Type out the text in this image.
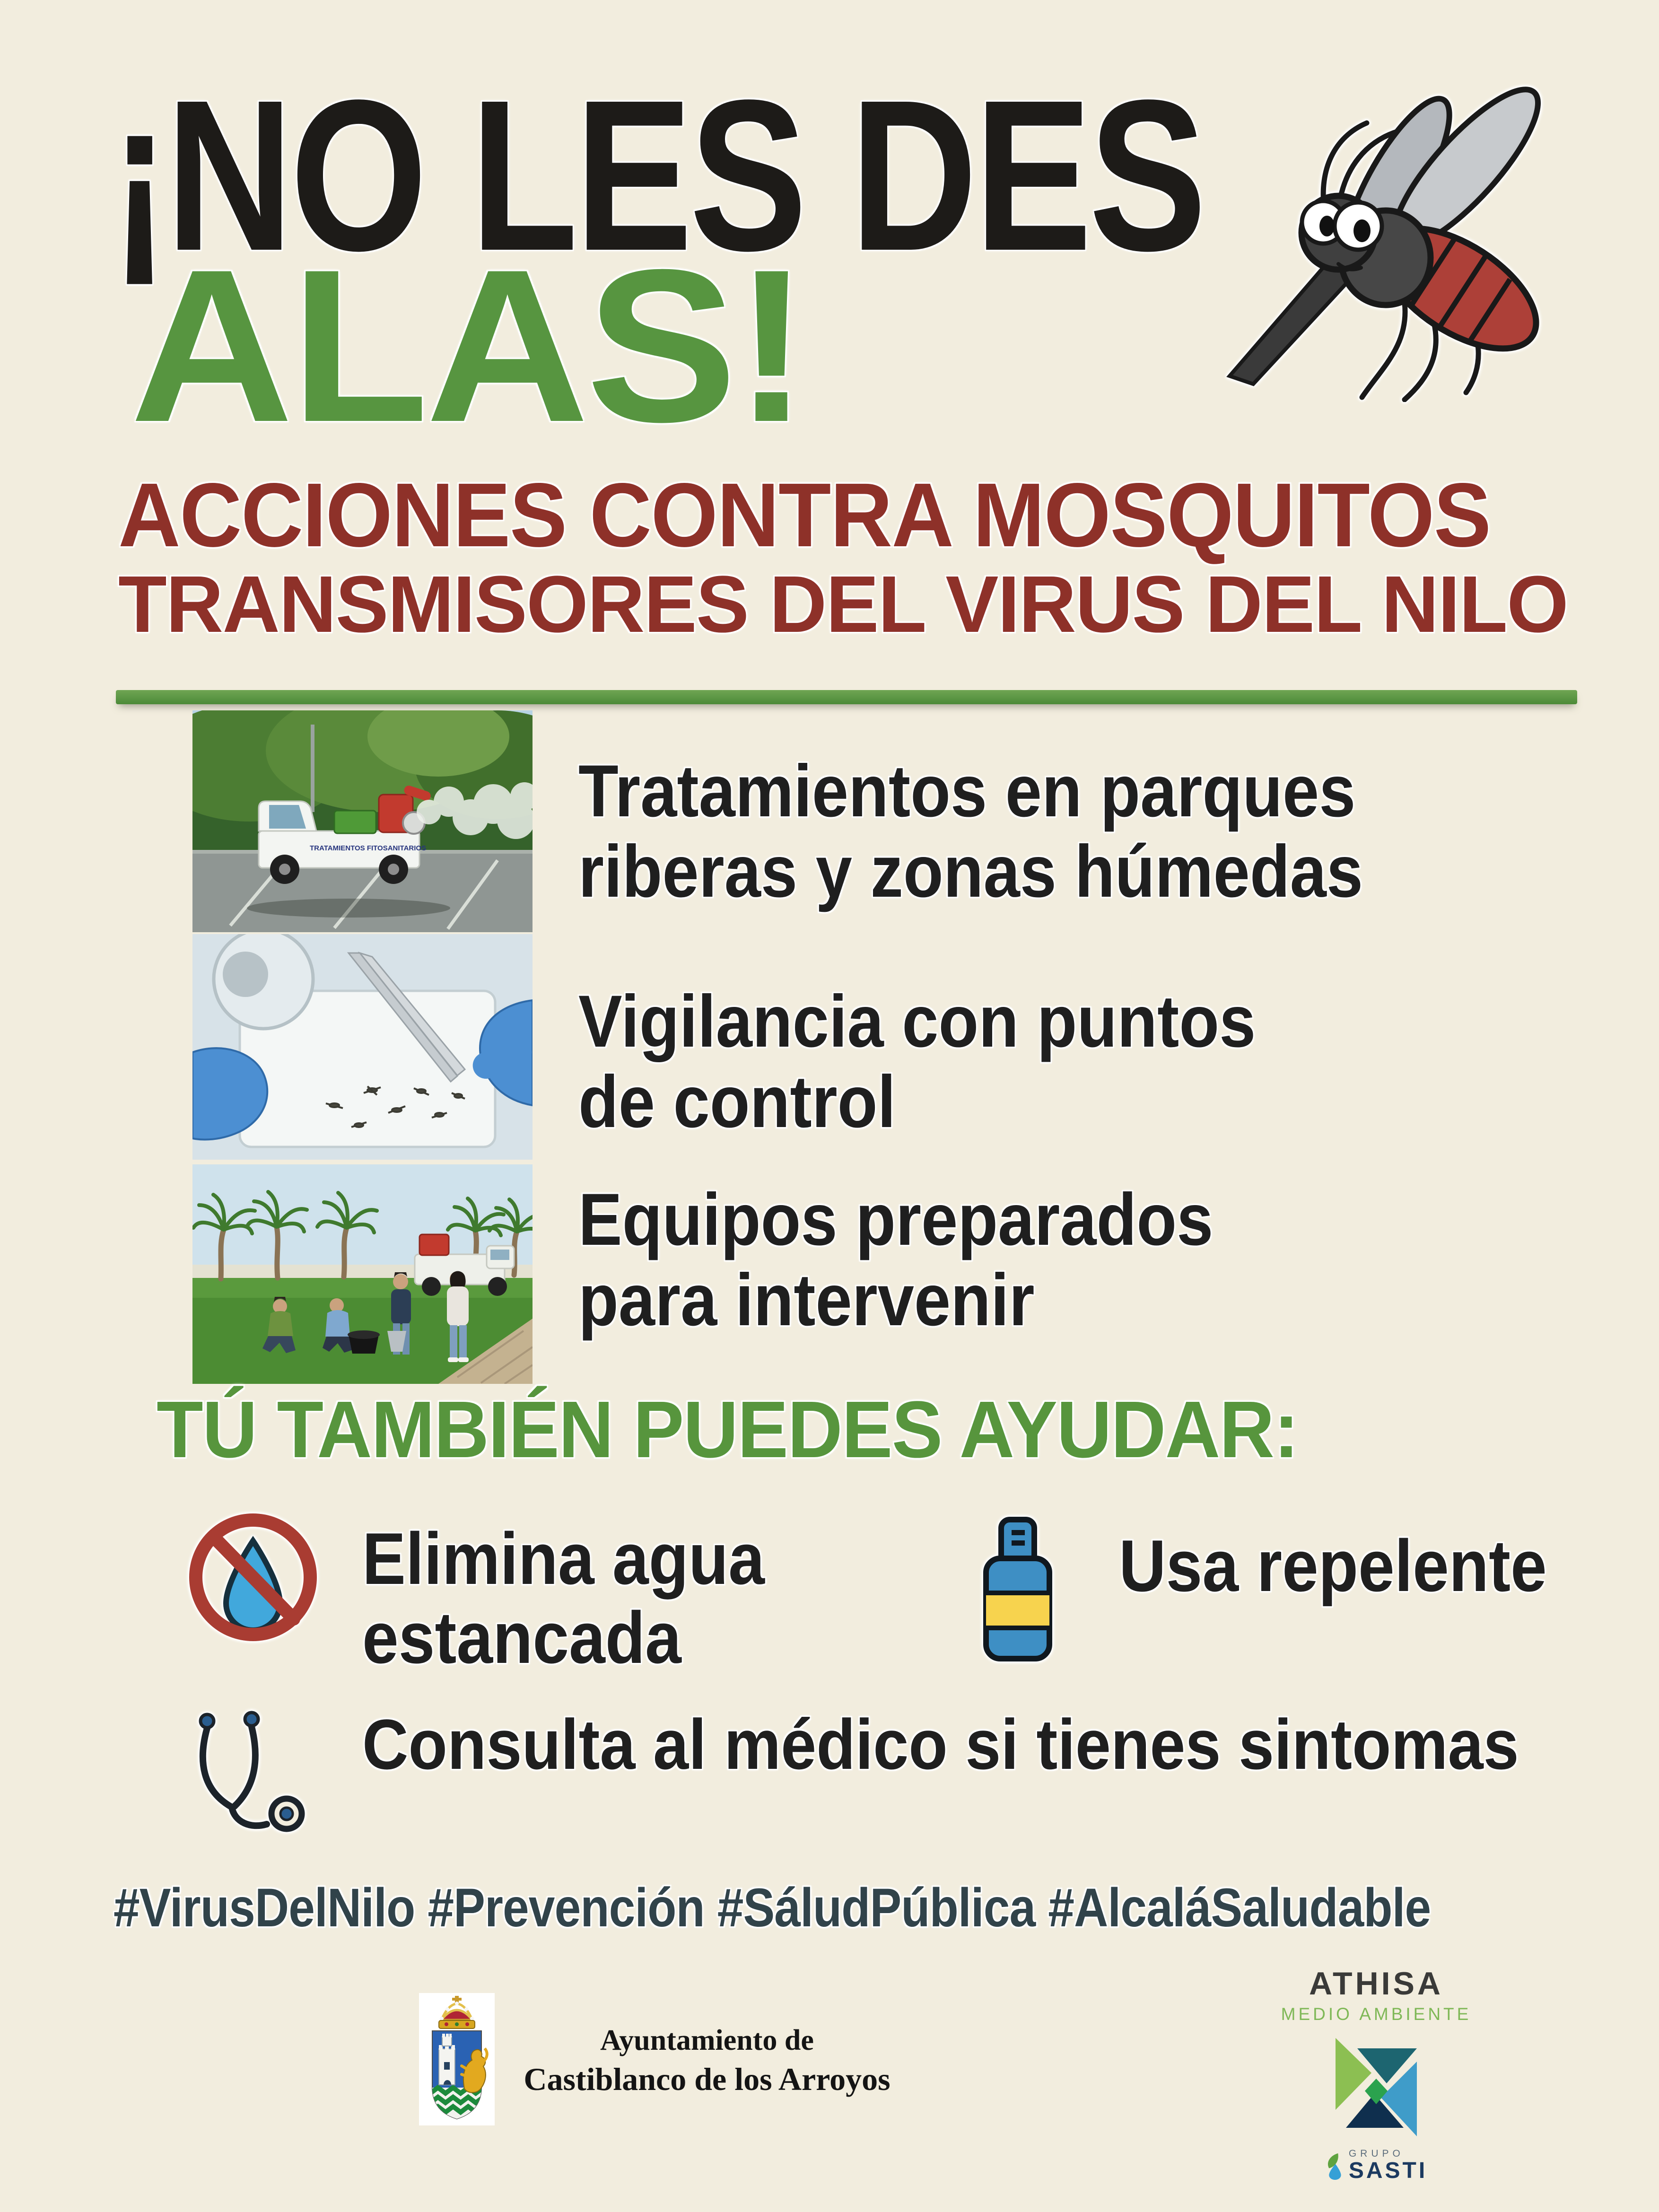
¡NO LES DES
ALAS!
ACCIONES CONTRA MOSQUITOS
TRANSMISORES DEL VIRUS DEL NILO
TRATAMIENTOS FITOSANITARIOS
Tratamientos en parques
riberas y zonas húmedas
Vigilancia con puntos
de control
Equipos preparados
para intervenir
TÚ TAMBIÉN PUEDES AYUDAR:
Elimina agua
estancada
Usa repelente
Consulta al médico si tienes sintomas
#VirusDelNilo #Prevención #SáludPública #AlcaláSaludable
Ayuntamiento de
Castiblanco de los Arroyos
ATHISA
MEDIO AMBIENTE
GRUPO
SASTI
